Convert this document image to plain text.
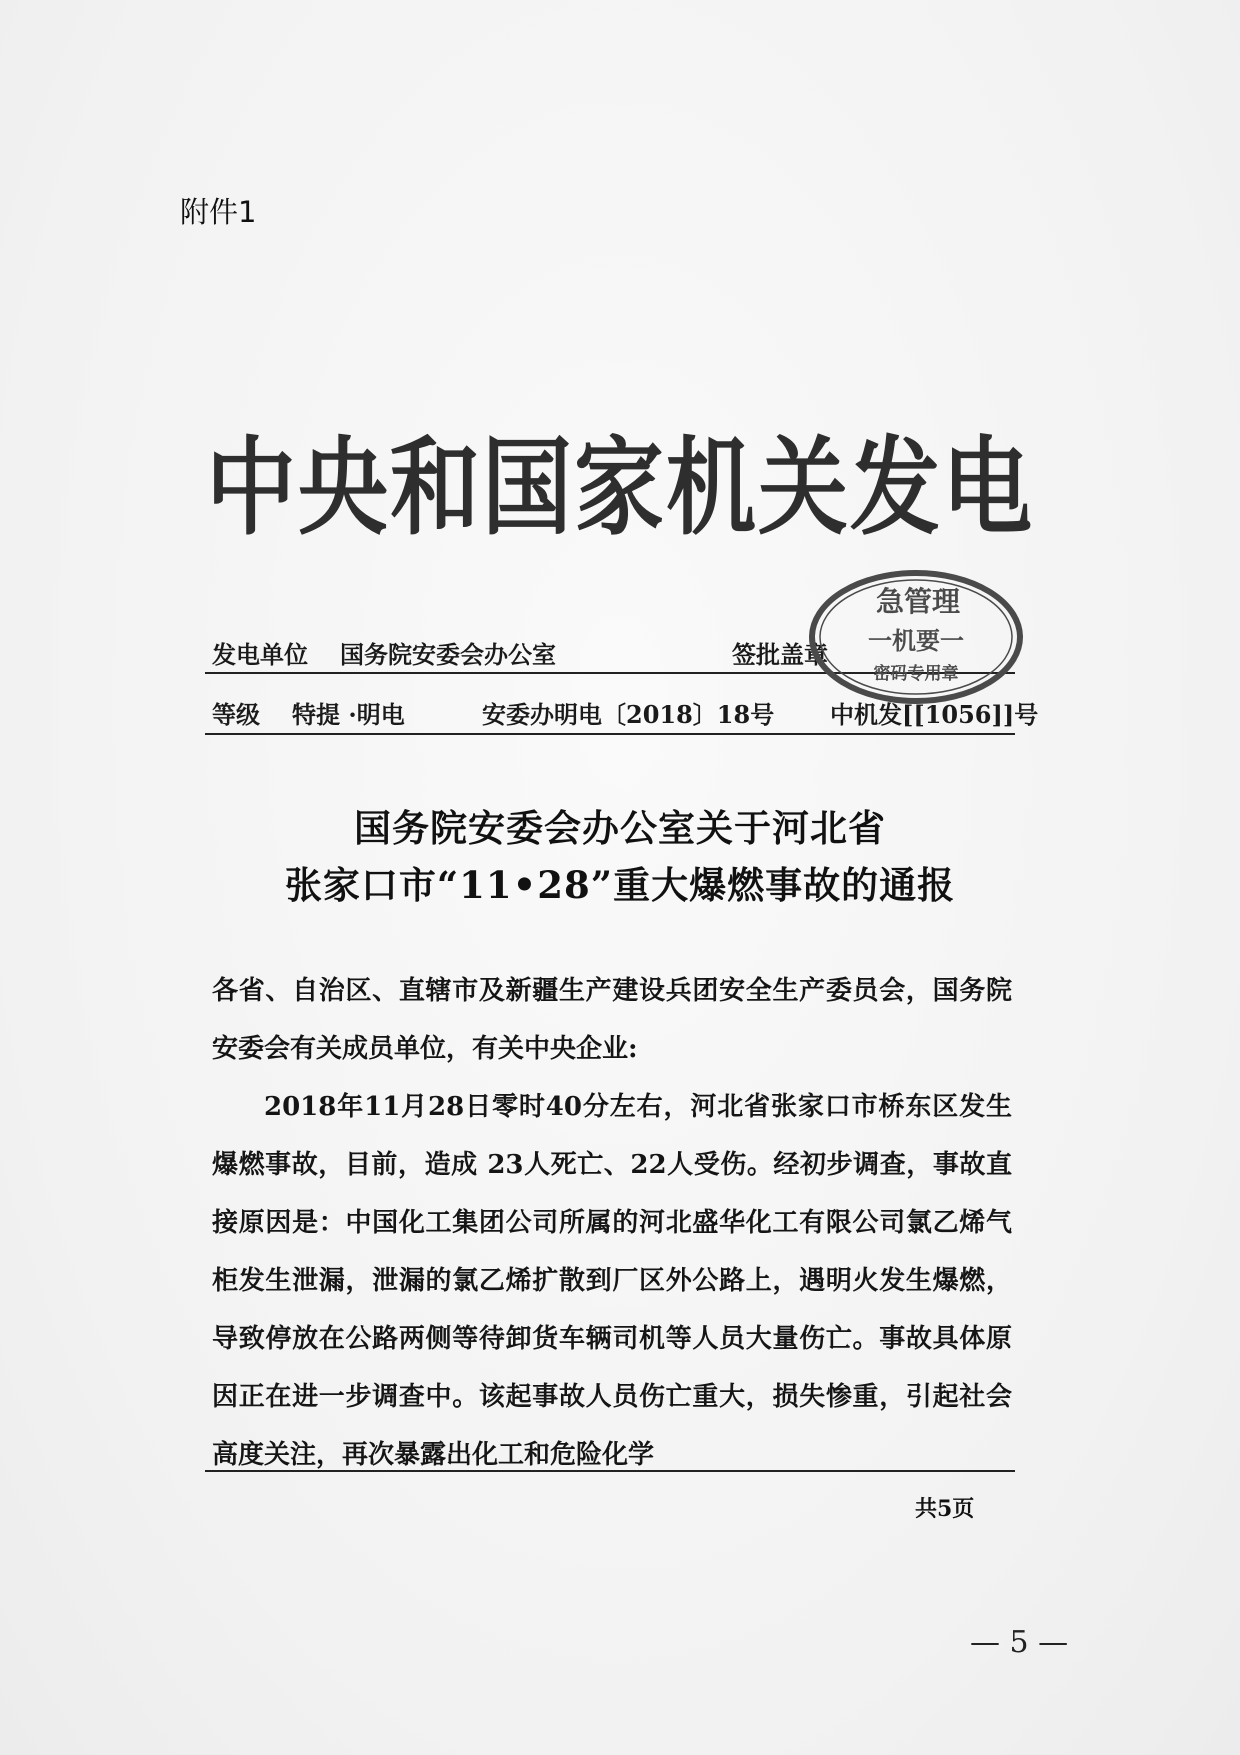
附件1
中央和国家机关发电
发电单位 国务院安委会办公室	签批盖章
等级 特提 ·明电	安委办明电〔2018〕18号 中机发[[1056]]号
急管理
一机要一
密码专用章
国务院安委会办公室关于河北省
张家口市“11•28”重大爆燃事故的通报

各省、自治区、直辖市及新疆生产建设兵团安全生产委员会，国务院安委会有关成员单位，有关中央企业:

2018年11月28日零时40分左右，河北省张家口市桥东区发生爆燃事故，目前，造成 23人死亡、22人受伤。经初步调查，事故直接原因是：中国化工集团公司所属的河北盛华化工有限公司氯乙烯气柜发生泄漏，泄漏的氯乙烯扩散到厂区外公路上，遇明火发生爆燃，导致停放在公路两侧等待卸货车辆司机等人员大量伤亡。事故具体原因正在进一步调查中。该起事故人员伤亡重大，损失惨重，引起社会高度关注，再次暴露出化工和危险化学

共5页
— 5 —
